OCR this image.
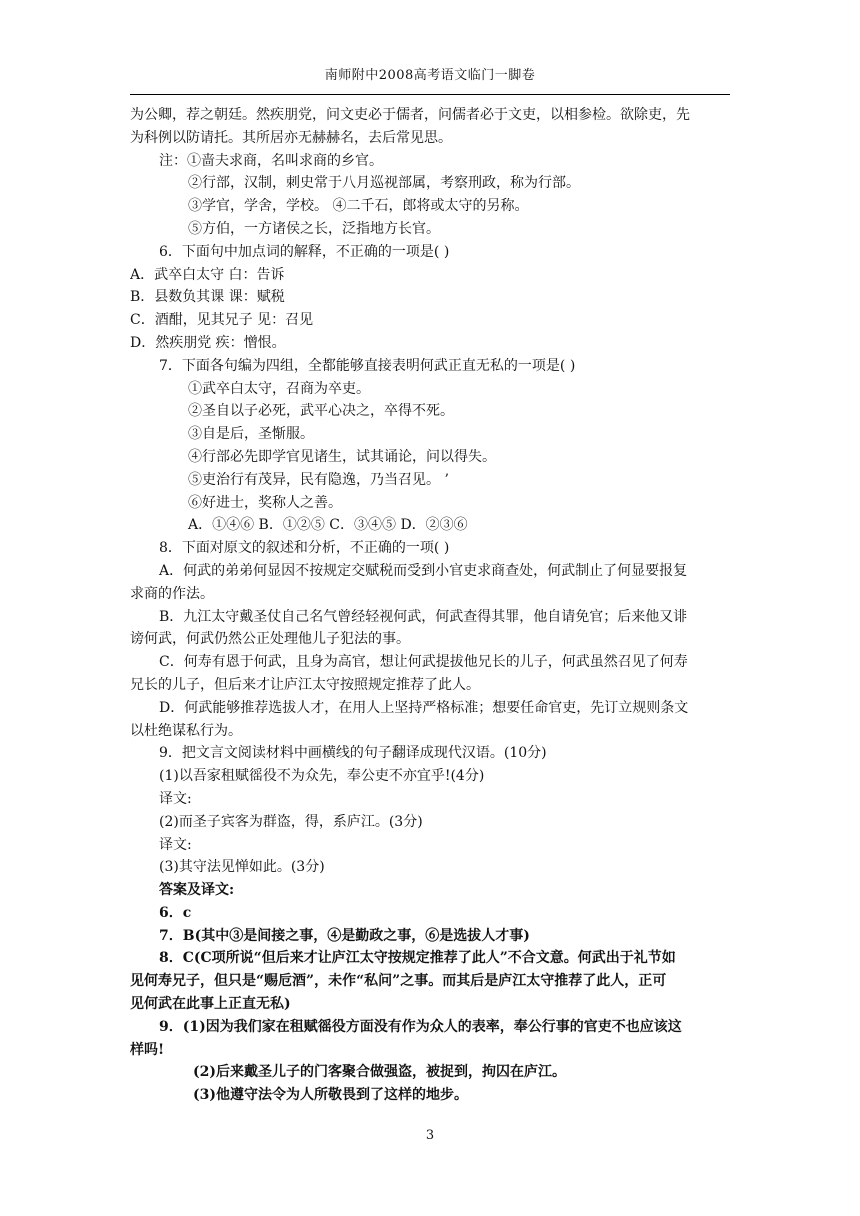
南师附中2008高考语文临门一脚卷
为公卿，荐之朝廷。然疾朋党，问文吏必于儒者，问儒者必于文吏，以相参检。欲除吏，先
为科例以防请托。其所居亦无赫赫名，去后常见思。
注：①啬夫求商，名叫求商的乡官。
②行部，汉制，刺史常于八月巡视部属，考察刑政，称为行部。
③学官，学舍，学校。 ④二千石，郎将或太守的另称。
⑤方伯，一方诸侯之长，泛指地方长官。
6．下面句中加点词的解释，不正确的一项是( )
A．武卒白太守 白：告诉
B．县数负其课 课：赋税
C．酒酣，见其兄子 见：召见
D．然疾朋党 疾：憎恨。
7．下面各句编为四组，全都能够直接表明何武正直无私的一项是( )
①武卒白太守，召商为卒吏。
②圣自以子必死，武平心决之，卒得不死。
③自是后，圣惭服。
④行部必先即学官见诸生，试其诵论，问以得失。
⑤吏治行有茂异，民有隐逸，乃当召见。 ’
⑥好进士，奖称人之善。
A．①④⑥ B．①②⑤ C．③④⑤ D．②③⑥
8．下面对原文的叙述和分析，不正确的一项( )
A．何武的弟弟何显因不按规定交赋税而受到小官吏求商查处，何武制止了何显要报复
求商的作法。
B．九江太守戴圣仗自己名气曾经轻视何武，何武查得其罪，他自请免官；后来他又诽
谤何武，何武仍然公正处理他儿子犯法的事。
C．何寿有恩于何武，且身为高官，想让何武提拔他兄长的儿子，何武虽然召见了何寿
兄长的儿子，但后来才让庐江太守按照规定推荐了此人。
D．何武能够推荐选拔人才，在用人上坚持严格标准；想要任命官吏，先订立规则条文
以杜绝谋私行为。
9．把文言文阅读材料中画横线的句子翻译成现代汉语。(10分)
(1)以吾家租赋徭役不为众先，奉公吏不亦宜乎!(4分)
译文:
(2)而圣子宾客为群盗，得，系庐江。(3分)
译文:
(3)其守法见惮如此。(3分)
答案及译文:
6．c
7．B(其中③是间接之事，④是勤政之事，⑥是选拔人才事)
8．C(C项所说“但后来才让庐江太守按规定推荐了此人”不合文意。何武出于礼节如
见何寿兄子，但只是“赐卮酒”，未作“私问”之事。而其后是庐江太守推荐了此人，正可
见何武在此事上正直无私)
9．(1)因为我们家在租赋徭役方面没有作为众人的表率，奉公行事的官吏不也应该这
样吗!
(2)后来戴圣儿子的门客聚合做强盗，被捉到，拘囚在庐江。
(3)他遵守法令为人所敬畏到了这样的地步。
3
